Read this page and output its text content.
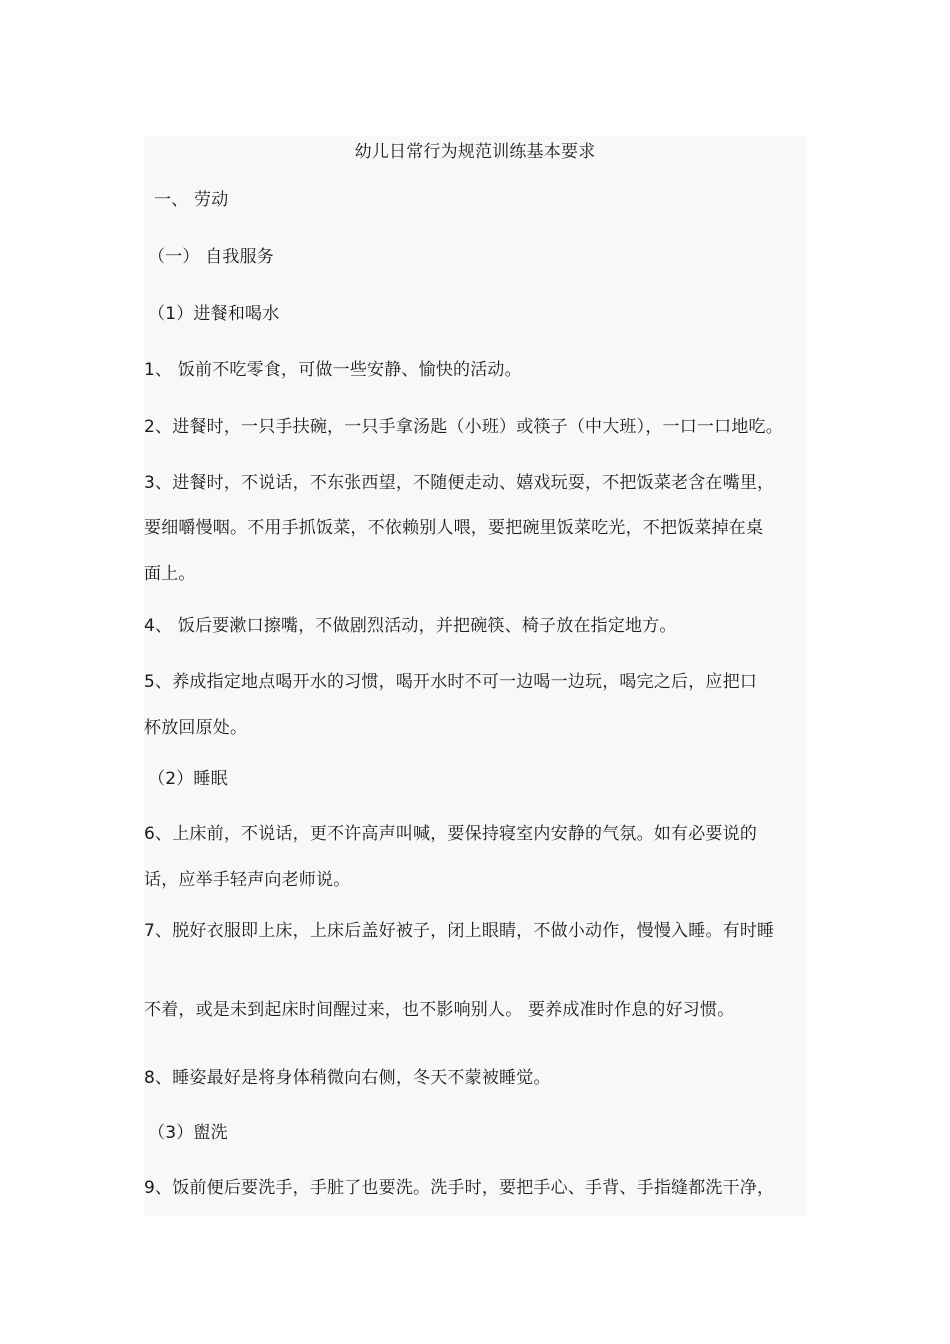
幼儿日常行为规范训练基本要求
一、 劳动
（一） 自我服务
（1）进餐和喝水
1、 饭前不吃零食，可做一些安静、愉快的活动。
2、进餐时，一只手扶碗，一只手拿汤匙（小班）或筷子（中大班），一口一口地吃。
3、进餐时，不说话，不东张西望，不随便走动、嬉戏玩耍，不把饭菜老含在嘴里，
要细嚼慢咽。不用手抓饭菜，不依赖别人喂，要把碗里饭菜吃光，不把饭菜掉在桌
面上。
4、 饭后要漱口擦嘴，不做剧烈活动，并把碗筷、椅子放在指定地方。
5、养成指定地点喝开水的习惯，喝开水时不可一边喝一边玩，喝完之后，应把口
杯放回原处。
（2）睡眠
6、上床前，不说话，更不许高声叫喊，要保持寝室内安静的气氛。如有必要说的
话，应举手轻声向老师说。
7、脱好衣服即上床，上床后盖好被子，闭上眼睛，不做小动作，慢慢入睡。有时睡
不着，或是未到起床时间醒过来，也不影响别人。 要养成准时作息的好习惯。
8、睡姿最好是将身体稍微向右侧，冬天不蒙被睡觉。
（3）盥洗
9、饭前便后要洗手，手脏了也要洗。洗手时，要把手心、手背、手指缝都洗干净，
